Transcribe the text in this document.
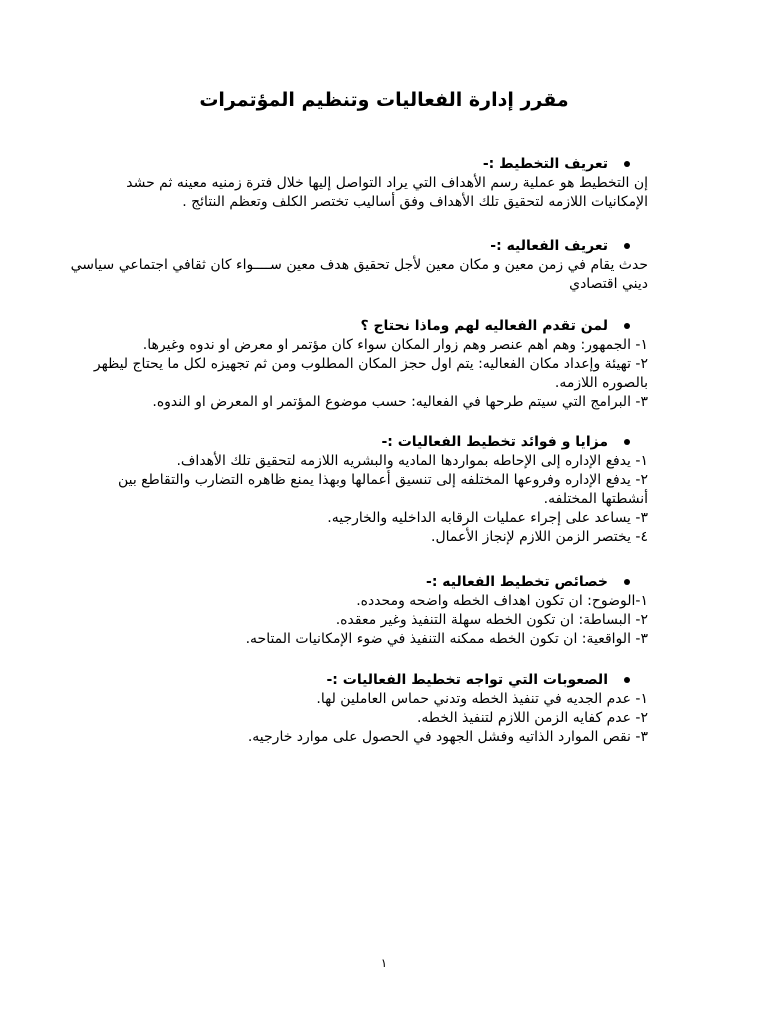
مقرر إدارة الفعاليات وتنظيم المؤتمرات
تعريف التخطيط :-

إن التخطيط هو عملية رسم الأهداف التي يراد التواصل إليها خلال فترة زمنيه معينه ثم حشد الإمكانيات اللازمه لتحقيق تلك الأهداف وفق أساليب تختصر الكلف وتعظم النتائج .

تعريف الفعاليه :-

حدث يقام في زمن معين و مكان معين لأجل تحقيق هدف معين ســــواء كان ثقافي اجتماعي سياسي ديني اقتصادي

لمن تقدم الفعاليه لهم وماذا نحتاج ؟

١- الجمهور: وهم اهم عنصر وهم زوار المكان سواء كان مؤتمر او معرض او ندوه وغيرها.

٢- تهيئة وإعداد مكان الفعاليه: يتم اول حجز المكان المطلوب ومن ثم تجهيزه لكل ما يحتاج ليظهر بالصوره اللازمه.

٣- البرامج التي سيتم طرحها في الفعاليه: حسب موضوع المؤتمر او المعرض او الندوه.

مزايا و فوائد تخطيط الفعاليات :-

١- يدفع الإداره إلى الإحاطه بمواردها الماديه والبشريه اللازمه لتحقيق تلك الأهداف.

٢- يدفع الإداره وفروعها المختلفه إلى تنسيق أعمالها وبهذا يمنع ظاهره التضارب والتقاطع بين أنشطتها المختلفه.

٣- يساعد على إجراء عمليات الرقابه الداخليه والخارجيه.

٤- يختصر الزمن اللازم لإنجاز الأعمال.

خصائص تخطيط الفعاليه :-

١-الوضوح: ان تكون اهداف الخطه واضحه ومحدده.

٢- البساطة: ان تكون الخطه سهلة التنفيذ وغير معقده.

٣- الواقعية: ان تكون الخطه ممكنه التنفيذ في ضوء الإمكانيات المتاحه.

الصعوبات التي تواجه تخطيط الفعاليات :-

١- عدم الجديه في تنفيذ الخطه وتدني حماس العاملين لها.

٢- عدم كفايه الزمن اللازم لتنفيذ الخطه.

٣- نقص الموارد الذاتيه وفشل الجهود في الحصول على موارد خارجيه.

١
